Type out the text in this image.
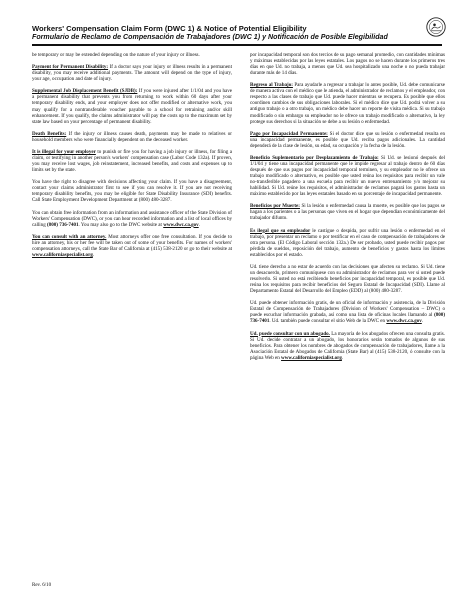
Workers' Compensation Claim Form (DWC 1) & Notice of Potential Eligibility

Formulario de Reclamo de Compensación de Trabajadores (DWC 1) y Notificación de Posible Elegibilidad

be temporary or may be extended depending on the nature of your injury or illness.

Payment for Permanent Disability: If a doctor says your injury or illness results in a permanent disability, you may receive additional payments. The amount will depend on the type of injury, your age, occupation and date of injury.

Supplemental Job Displacement Benefit (SJDB): If you were injured after 1/1/04 and you have a permanent disability that prevents you from returning to work within 60 days after your temporary disability ends, and your employer does not offer modified or alternative work, you may qualify for a nontransferable voucher payable to a school for retraining and/or skill enhancement. If you qualify, the claims administrator will pay the costs up to the maximum set by state law based on your percentage of permanent disability.

Death Benefits: If the injury or illness causes death, payments may be made to relatives or household members who were financially dependent on the deceased worker.

It is illegal for your employer to punish or fire you for having a job injury or illness, for filing a claim, or testifying in another person's workers' compensation case (Labor Code 132a). If proven, you may receive lost wages, job reinstatement, increased benefits, and costs and expenses up to limits set by the state.

You have the right to disagree with decisions affecting your claim. If you have a disagreement, contact your claims administrator first to see if you can resolve it. If you are not receiving temporary disability benefits, you may be eligible for State Disability Insurance (SDI) benefits. Call State Employment Development Department at (800) 480-3287.

You can obtain free information from an information and assistance officer of the State Division of Workers' Compensation (DWC), or you can hear recorded information and a list of local offices by calling (800) 736-7401. You may also go to the DWC website at www.dwc.ca.gov.

You can consult with an attorney. Most attorneys offer one free consultation. If you decide to hire an attorney, his or her fee will be taken out of some of your benefits. For names of workers' compensation attorneys, call the State Bar of California at (415) 538-2120 or go to their website at www.californiaspecialist.org.

por incapacidad temporal son dos tercios de su pago semanal promedio, con cantidades mínimas y máximas establecidas por las leyes estatales. Los pagos no se hacen durante los primeros tres días en que Ud. no trabaja, a menos que Ud. sea hospitalizado una noche o no pueda trabajar durante más de 14 días.

Regreso al Trabajo: Para ayudarle a regresar a trabajar lo antes posible, Ud. debe comunicarse de manera activa con el médico que le atienda, el administrador de reclamos y el empleador, con respecto a las clases de trabajo que Ud. puede hacer mientras se recupera. Es posible que ellos coordinen cambios de sus obligaciones laborales. Si el médico dice que Ud. podrá volver a su antiguo trabajo o a otro trabajo, un médico debe hacer un reporte de visita médica. Si su trabajo modificado o sin embargo su empleador no le ofrece un trabajo modificado o alternativo, la ley protege sus derechos si la situación se debe a su lesión o enfermedad.

Pago por Incapacidad Permanente: Si el doctor dice que su lesión o enfermedad resulta en una incapacidad permanente, es posible que Ud. reciba pagos adicionales. La cantidad dependerá de la clase de lesión, su edad, su ocupación y la fecha de la lesión.

Beneficio Suplementario por Desplazamiento de Trabajo: Si Ud. se lesionó después del 1/1/04 y tiene una incapacidad permanente que le impide regresar al trabajo dentro de 60 días después de que sus pagos por incapacidad temporal terminen, y su empleador no le ofrece un trabajo modificado o alternativo, es posible que usted reúna los requisitos para recibir un vale no-transferible pagadero a una escuela para recibir un nuevo entrenamiento y/o mejorar su habilidad. Si Ud. reúne los requisitos, el administrador de reclamos pagará los gastos hasta un máximo establecido por las leyes estatales basado en su porcentaje de incapacidad permanente.

Beneficios por Muerte: Si la lesión o enfermedad causa la muerte, es posible que los pagos se hagan a los parientes o a las personas que viven en el hogar que dependían económicamente del trabajador difunto.

Es ilegal que su empleador le castigue o despida, por sufrir una lesión o enfermedad en el trabajo, por presentar un reclamo o por testificar en el caso de compensación de trabajadores de otra persona. (El Código Laboral sección 132a.) De ser probado, usted puede recibir pagos por pérdida de sueldos, reposición del trabajo, aumento de beneficios y gastos hasta los límites establecidos por el estado.

Ud. tiene derecho a no estar de acuerdo con las decisiones que afecten su reclamo. Si Ud. tiene un desacuerdo, primero comuníquese con su administrador de reclamos para ver si usted puede resolverlo. Si usted no está recibiendo beneficios por incapacidad temporal, es posible que Ud. reúna los requisitos para recibir beneficios del Seguro Estatal de Incapacidad (SDI). Llame al Departamento Estatal del Desarrollo del Empleo (EDD) al (800) 480-3287.

Ud. puede obtener información gratis, de un oficial de información y asistencia, de la División Estatal de Compensación de Trabajadores (Division of Workers' Compensation – DWC) o puede escuchar información grabada, así como una lista de oficinas locales llamando al (800) 736-7401. Ud. también puede consultar el sitio Web de la DWC en www.dwc.ca.gov.

Ud. puede consultar con un abogado. La mayoría de los abogados ofrecen una consulta gratis. Si Ud. decide contratar a un abogado, los honorarios serán tomados de algunos de sus beneficios. Para obtener los nombres de abogados de compensación de trabajadores, llame a la Asociación Estatal de Abogados de California (State Bar) al (415) 538-2120, ó consulte con la página Web en www.californiaspecialist.org.

Rev. 6/10
